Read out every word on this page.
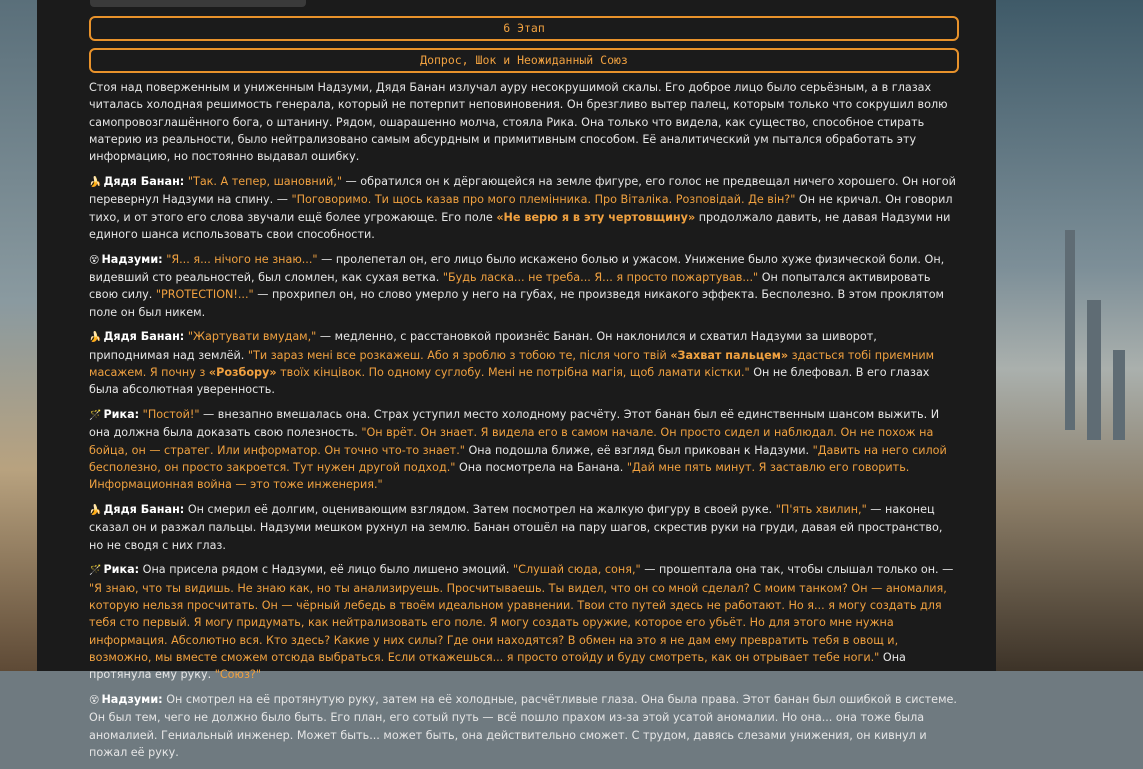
6 Этап
Допрос, Шок и Неожиданный Союз

Стоя над поверженным и униженным Надзуми, Дядя Банан излучал ауру несокрушимой скалы. Его доброе лицо было серьёзным, а в глазах читалась холодная решимость генерала, который не потерпит неповиновения. Он брезгливо вытер палец, которым только что сокрушил волю самопровозглашённого бога, о штанину. Рядом, ошарашенно молча, стояла Рика. Она только что видела, как существо, способное стирать материю из реальности, было нейтрализовано самым абсурдным и примитивным способом. Её аналитический ум пытался обработать эту информацию, но постоянно выдавал ошибку.

🍌 Дядя Банан: "Так. А тепер, шановний," — обратился он к дёргающейся на земле фигуре, его голос не предвещал ничего хорошего. Он ногой перевернул Надзуми на спину. — "Поговоримо. Ти щось казав про мого племінника. Про Віталіка. Розповідай. Де він?" Он не кричал. Он говорил тихо, и от этого его слова звучали ещё более угрожающе. Его поле «Не верю я в эту чертовщину» продолжало давить, не давая Надзуми ни единого шанса использовать свои способности.

😵 Надзуми: "Я... я... нічого не знаю..." — пролепетал он, его лицо было искажено болью и ужасом. Унижение было хуже физической боли. Он, видевший сто реальностей, был сломлен, как сухая ветка. "Будь ласка... не треба... Я... я просто пожартував..." Он попытался активировать свою силу. "PROTECTION!..." — прохрипел он, но слово умерло у него на губах, не произведя никакого эффекта. Бесполезно. В этом проклятом поле он был никем.

🍌 Дядя Банан: "Жартувати вмудам," — медленно, с расстановкой произнёс Банан. Он наклонился и схватил Надзуми за шиворот, приподнимая над землёй. "Ти зараз мені все розкажеш. Або я зроблю з тобою те, після чого твій «Захват пальцем» здасться тобі приємним масажем. Я почну з «Розбору» твоїх кінцівок. По одному суглобу. Мені не потрібна магія, щоб ламати кістки." Он не блефовал. В его глазах была абсолютная уверенность.

🪄 Рика: "Постой!" — внезапно вмешалась она. Страх уступил место холодному расчёту. Этот банан был её единственным шансом выжить. И она должна была доказать свою полезность. "Он врёт. Он знает. Я видела его в самом начале. Он просто сидел и наблюдал. Он не похож на бойца, он — стратег. Или информатор. Он точно что-то знает." Она подошла ближе, её взгляд был прикован к Надзуми. "Давить на него силой бесполезно, он просто закроется. Тут нужен другой подход." Она посмотрела на Банана. "Дай мне пять минут. Я заставлю его говорить. Информационная война — это тоже инженерия."

🍌 Дядя Банан: Он смерил её долгим, оценивающим взглядом. Затем посмотрел на жалкую фигуру в своей руке. "П'ять хвилин," — наконец сказал он и разжал пальцы. Надзуми мешком рухнул на землю. Банан отошёл на пару шагов, скрестив руки на груди, давая ей пространство, но не сводя с них глаз.

🪄 Рика: Она присела рядом с Надзуми, её лицо было лишено эмоций. "Слушай сюда, соня," — прошептала она так, чтобы слышал только он. — "Я знаю, что ты видишь. Не знаю как, но ты анализируешь. Просчитываешь. Ты видел, что он со мной сделал? С моим танком? Он — аномалия, которую нельзя просчитать. Он — чёрный лебедь в твоём идеальном уравнении. Твои сто путей здесь не работают. Но я... я могу создать для тебя сто первый. Я могу придумать, как нейтрализовать его поле. Я могу создать оружие, которое его убьёт. Но для этого мне нужна информация. Абсолютно вся. Кто здесь? Какие у них силы? Где они находятся? В обмен на это я не дам ему превратить тебя в овощ и, возможно, мы вместе сможем отсюда выбраться. Если откажешься... я просто отойду и буду смотреть, как он отрывает тебе ноги." Она протянула ему руку. "Союз?"

😵 Надзуми: Он смотрел на её протянутую руку, затем на её холодные, расчётливые глаза. Она была права. Этот банан был ошибкой в системе. Он был тем, чего не должно было быть. Его план, его сотый путь — всё пошло прахом из-за этой усатой аномалии. Но она... она тоже была аномалией. Гениальный инженер. Может быть... может быть, она действительно сможет. С трудом, давясь слезами унижения, он кивнул и пожал её руку.
